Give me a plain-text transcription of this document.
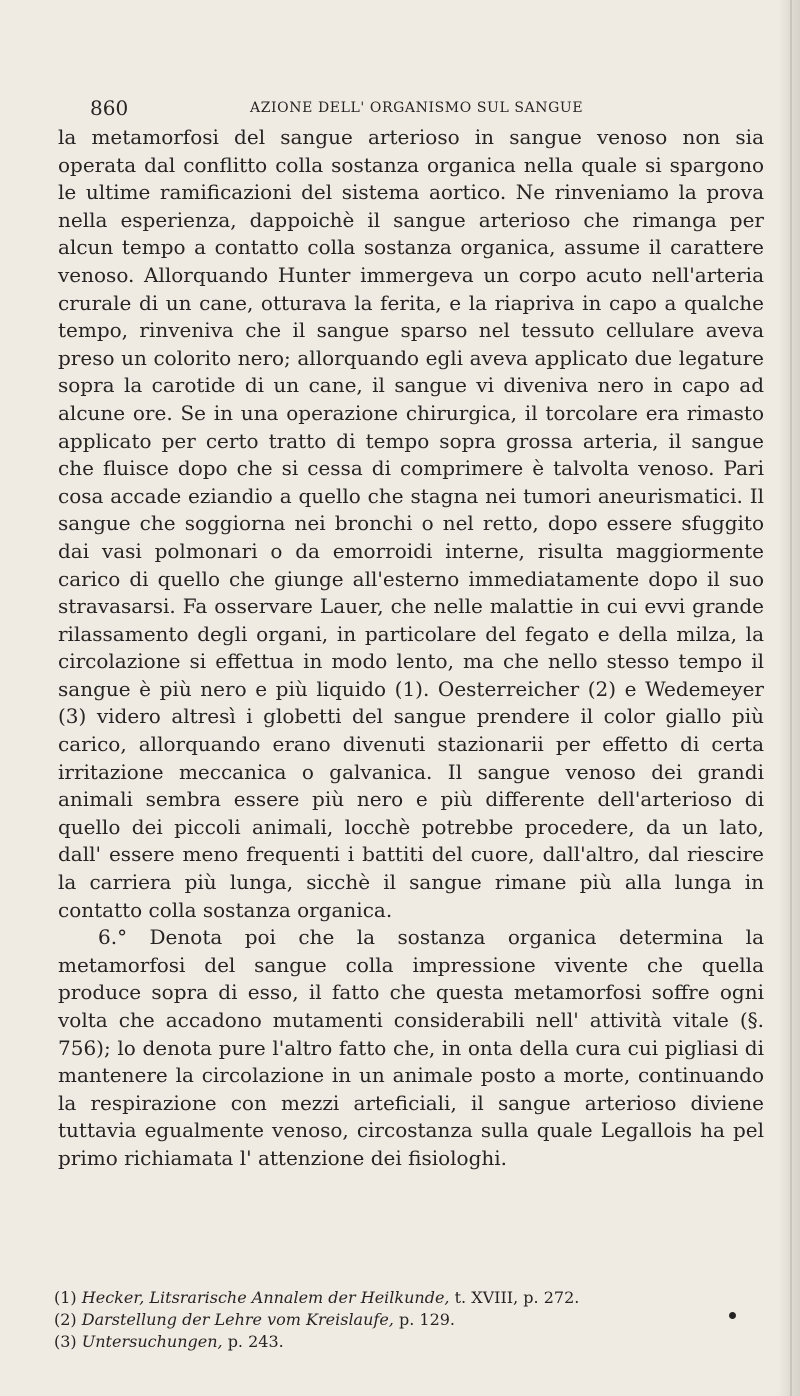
860	AZIONE DELL' ORGANISMO SUL SANGUE

la metamorfosi del sangue arterioso in sangue venoso non sia operata dal conflitto colla sostanza organica nella quale si spargono le ultime ramificazioni del sistema aortico. Ne rinveniamo la prova nella esperienza, dappoichè il sangue arterioso che rimanga per alcun tempo a contatto colla sostanza organica, assume il carattere venoso. Allorquando Hunter immergeva un corpo acuto nell'arteria crurale di un cane, otturava la ferita, e la riapriva in capo a qualche tempo, rinveniva che il sangue sparso nel tessuto cellulare aveva preso un colorito nero; allorquando egli aveva applicato due legature sopra la carotide di un cane, il sangue vi diveniva nero in capo ad alcune ore. Se in una operazione chirurgica, il torcolare era rimasto applicato per certo tratto di tempo sopra grossa arteria, il sangue che fluisce dopo che si cessa di comprimere è talvolta venoso. Pari cosa accade eziandio a quello che stagna nei tumori aneurismatici. Il sangue che soggiorna nei bronchi o nel retto, dopo essere sfuggito dai vasi polmonari o da emorroidi interne, risulta maggiormente carico di quello che giunge all'esterno immediatamente dopo il suo stravasarsi. Fa osservare Lauer, che nelle malattie in cui evvi grande rilassamento degli organi, in particolare del fegato e della milza, la circolazione si effettua in modo lento, ma che nello stesso tempo il sangue è più nero e più liquido (1). Oesterreicher (2) e Wedemeyer (3) videro altresì i globetti del sangue prendere il color giallo più carico, allorquando erano divenuti stazionarii per effetto di certa irritazione meccanica o galvanica. Il sangue venoso dei grandi animali sembra essere più nero e più differente dell'arterioso di quello dei piccoli animali, locchè potrebbe procedere, da un lato, dall' essere meno frequenti i battiti del cuore, dall'altro, dal riescire la carriera più lunga, sicchè il sangue rimane più alla lunga in contatto colla sostanza organica.

6.° Denota poi che la sostanza organica determina la metamorfosi del sangue colla impressione vivente che quella produce sopra di esso, il fatto che questa metamorfosi soffre ogni volta che accadono mutamenti considerabili nell' attività vitale (§. 756); lo denota pure l'altro fatto che, in onta della cura cui pigliasi di mantenere la circolazione in un animale posto a morte, continuando la respirazione con mezzi arteficiali, il sangue arterioso diviene tuttavia egualmente venoso, circostanza sulla quale Legallois ha pel primo richiamata l' attenzione dei fisiologhi.

(1) Hecker, Litsrarische Annalem der Heilkunde, t. XVIII, p. 272.
(2) Darstellung der Lehre vom Kreislaufe, p. 129.
(3) Untersuchungen, p. 243.
